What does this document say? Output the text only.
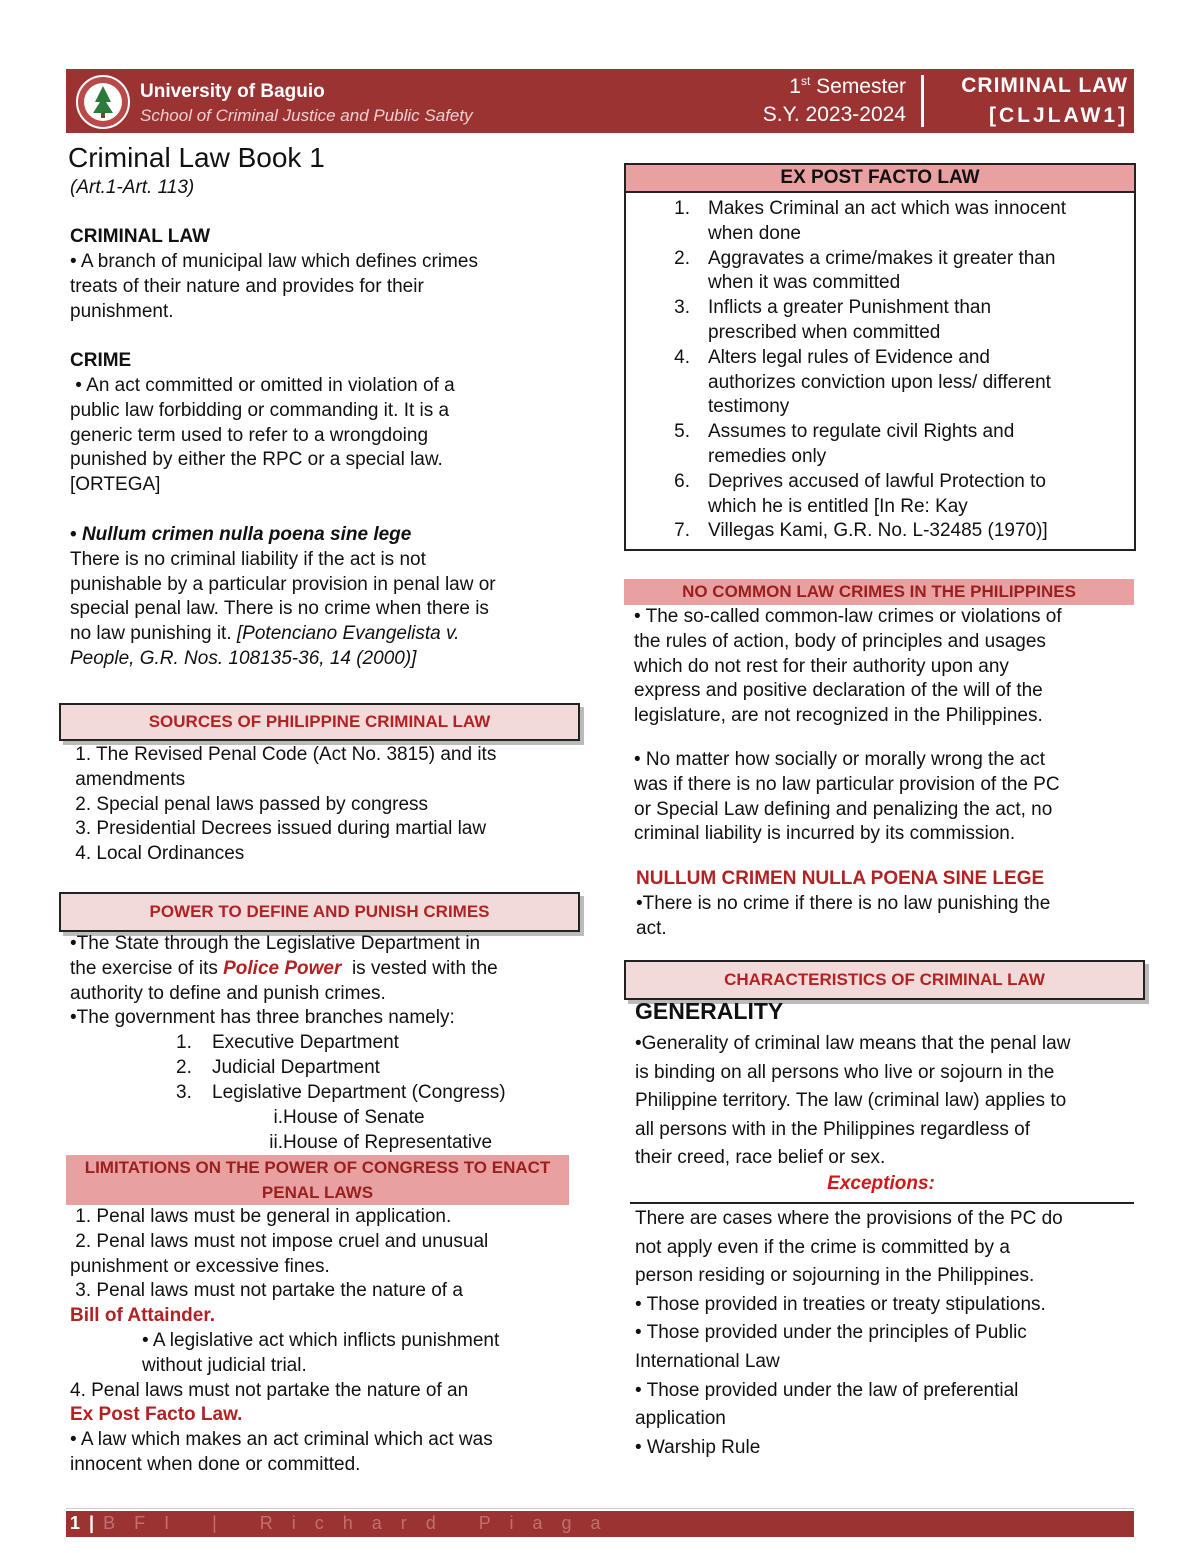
University of Baguio
School of Criminal Justice and Public Safety
1st Semester
S.Y. 2023-2024
CRIMINAL LAW
[CLJLAW1]
Criminal Law Book 1
(Art.1-Art. 113)
CRIMINAL LAW
• A branch of municipal law which defines crimes
treats of their nature and provides for their
punishment.
CRIME
• An act committed or omitted in violation of a
public law forbidding or commanding it. It is a
generic term used to refer to a wrongdoing
punished by either the RPC or a special law.
[ORTEGA]
• Nullum crimen nulla poena sine lege
There is no criminal liability if the act is not
punishable by a particular provision in penal law or
special penal law. There is no crime when there is
no law punishing it. [Potenciano Evangelista v.
People, G.R. Nos. 108135-36, 14 (2000)]
SOURCES OF PHILIPPINE CRIMINAL LAW
1. The Revised Penal Code (Act No. 3815) and its
amendments
2. Special penal laws passed by congress
3. Presidential Decrees issued during martial law
4. Local Ordinances
POWER TO DEFINE AND PUNISH CRIMES
•The State through the Legislative Department in
the exercise of its Police Power  is vested with the
authority to define and punish crimes.
•The government has three branches namely:
1. Executive Department
2. Judicial Department
3. Legislative Department (Congress)
i.House of Senate
ii.House of Representative
LIMITATIONS ON THE POWER OF CONGRESS TO ENACT
PENAL LAWS
1. Penal laws must be general in application.
2. Penal laws must not impose cruel and unusual
punishment or excessive fines.
3. Penal laws must not partake the nature of a
Bill of Attainder.
• A legislative act which inflicts punishment
without judicial trial.
4. Penal laws must not partake the nature of an
Ex Post Facto Law.
• A law which makes an act criminal which act was
innocent when done or committed.
EX POST FACTO LAW
1. Makes Criminal an act which was innocent
when done
2. Aggravates a crime/makes it greater than
when it was committed
3. Inflicts a greater Punishment than
prescribed when committed
4. Alters legal rules of Evidence and
authorizes conviction upon less/ different
testimony
5. Assumes to regulate civil Rights and
remedies only
6. Deprives accused of lawful Protection to
which he is entitled [In Re: Kay
7. Villegas Kami, G.R. No. L-32485 (1970)]
NO COMMON LAW CRIMES IN THE PHILIPPINES
• The so-called common-law crimes or violations of
the rules of action, body of principles and usages
which do not rest for their authority upon any
express and positive declaration of the will of the
legislature, are not recognized in the Philippines.
• No matter how socially or morally wrong the act
was if there is no law particular provision of the PC
or Special Law defining and penalizing the act, no
criminal liability is incurred by its commission.
NULLUM CRIMEN NULLA POENA SINE LEGE
•There is no crime if there is no law punishing the
act.
CHARACTERISTICS OF CRIMINAL LAW
GENERALITY
•Generality of criminal law means that the penal law
is binding on all persons who live or sojourn in the
Philippine territory. The law (criminal law) applies to
all persons with in the Philippines regardless of
their creed, race belief or sex.
Exceptions:
There are cases where the provisions of the PC do
not apply even if the crime is committed by a
person residing or sojourning in the Philippines.
• Those provided in treaties or treaty stipulations.
• Those provided under the principles of Public
International Law
• Those provided under the law of preferential
application
• Warship Rule
1 | B F I   |   R i c h a r d   P i a g a
